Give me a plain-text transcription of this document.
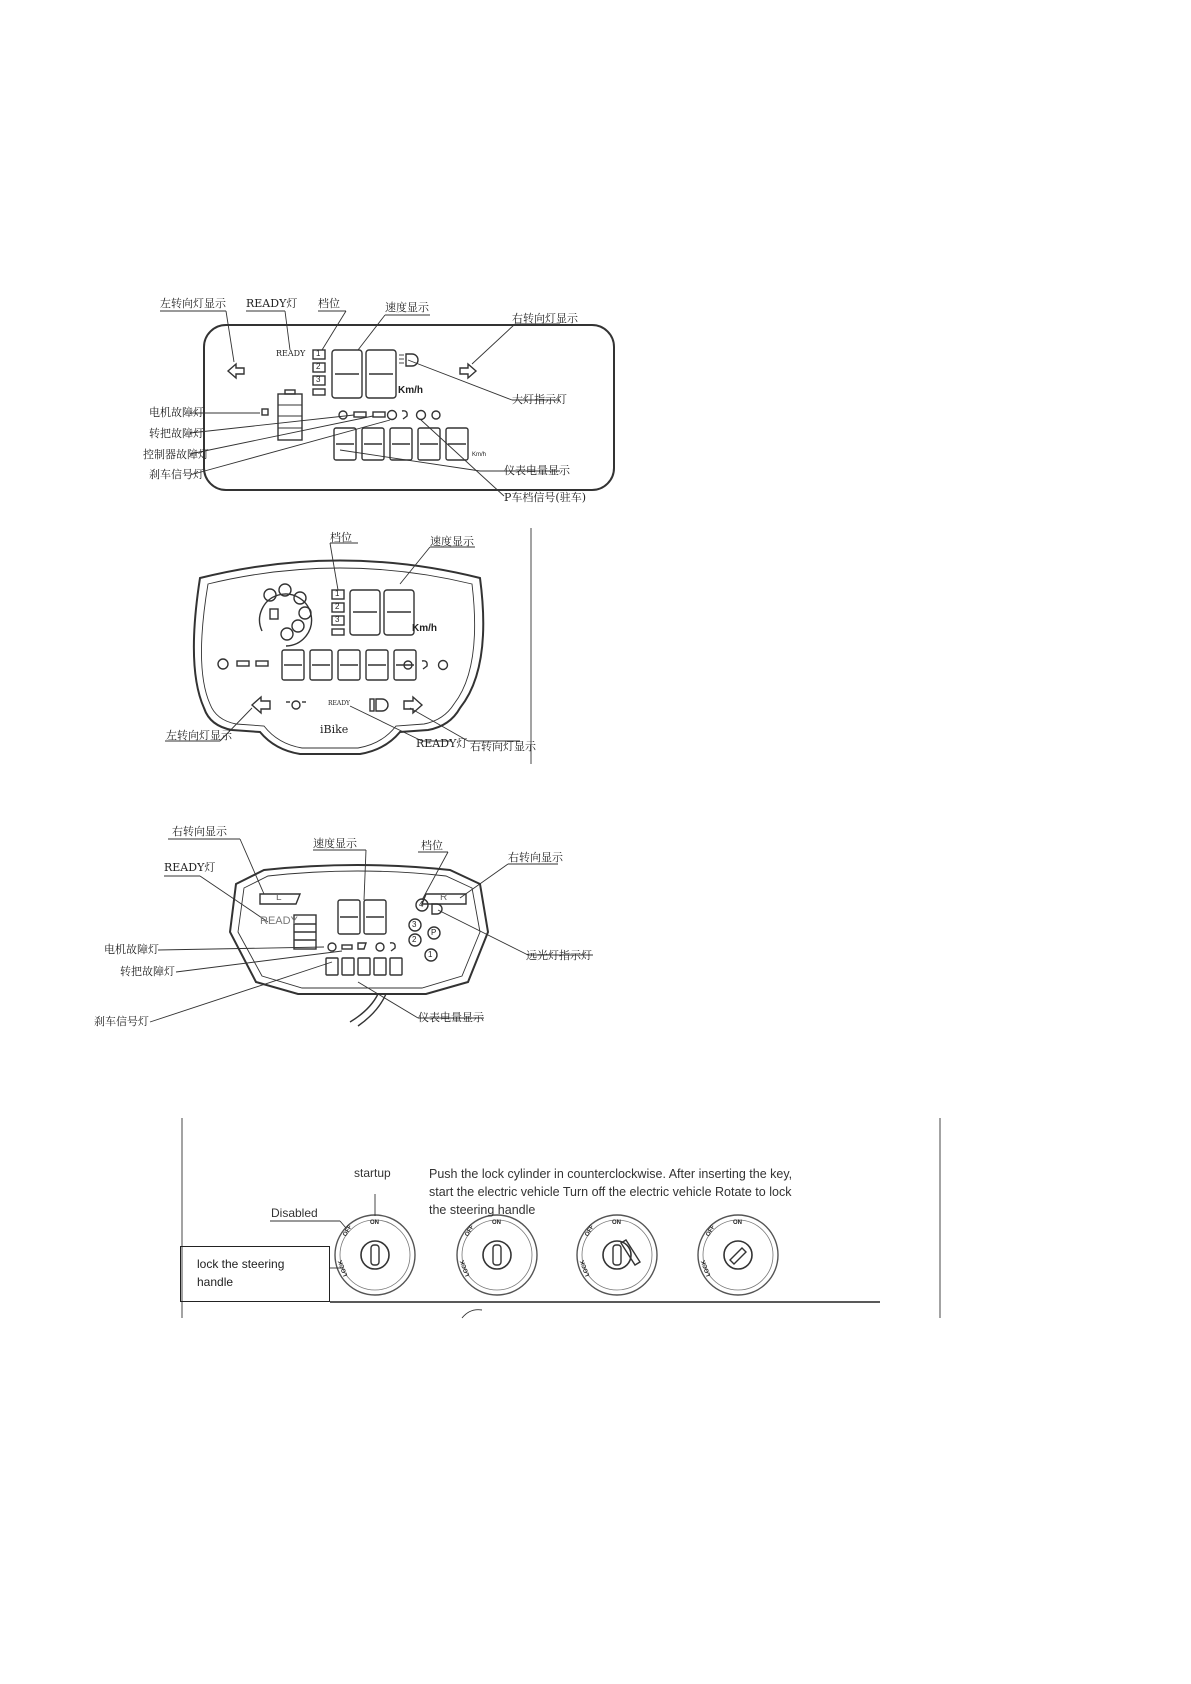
左转向灯显示 READY灯 档位	速度显示
右转向灯显示
大灯指示灯
电机故障灯
转把故障灯
控制器故障灯
刹车信号灯	仪表电量显示
P车档信号(驻车)
READY 1
2
3
Km/h
Km/h
档位	速度显示
左转向灯显示
READY灯 右转向灯显示
1
2
3
Km/h
READY
iBike
右转向显示
READY灯
速度显示	档位
右转向显示
电机故障灯
转把故障灯
刹车信号灯
远光灯指示灯
仪表电量显示
L	R
READY
4
3
2
P
1
ON
OFF
LOCK
ON
OFF
LOCK
ON
OFF
LOCK
ON
OFF
LOCK
startup
Disabled
Push the lock cylinder in counterclockwise. After inserting the key,
start the electric vehicle Turn off the electric vehicle Rotate to lock
the steering handle
lock the steering
handle
